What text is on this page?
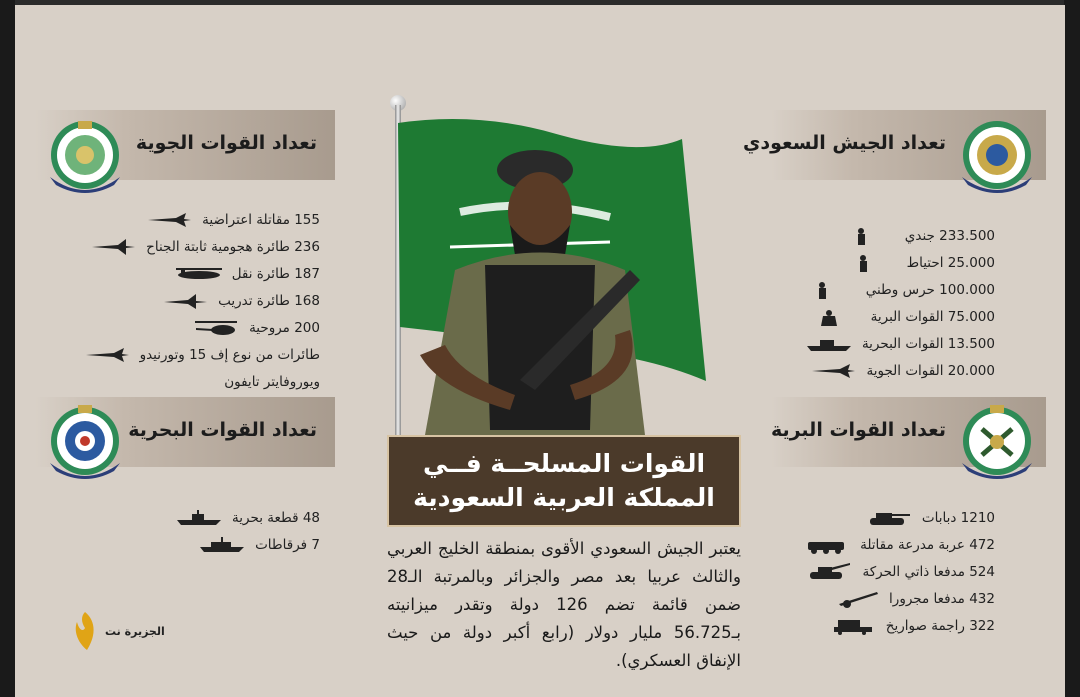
تعداد القوات الجوية
155 مقاتلة اعتراضية
236 طائرة هجومية ثابتة الجناح
187 طائرة نقل
168 طائرة تدريب
200 مروحية
طائرات من نوع إف 15 وتورنيدو
ويوروفايتر تايفون
تعداد القوات البحرية
48 قطعة بحرية
7 فرقاطات
الجزيرة نت
تعداد الجيش السعودي
233.500 جندي
25.000 احتياط
100.000 حرس وطني
75.000 القوات البرية
13.500 القوات البحرية
20.000 القوات الجوية
تعداد القوات البرية
1210 دبابات
472 عربة مدرعة مقاتلة
524 مدفعا ذاتي الحركة
432 مدفعا مجرورا
322 راجمة صواريخ
القوات المسلحــة فــي
المملكة العربية السعودية
يعتبر الجيش السعودي الأقوى بمنطقة الخليج العربي والثالث عربيا بعد مصر والجزائر وبالمرتبة الـ28 ضمن قائمة تضم 126 دولة وتقدر ميزانيته بـ56.725 مليار دولار (رابع أكبر دولة من حيث الإنفاق العسكري).
